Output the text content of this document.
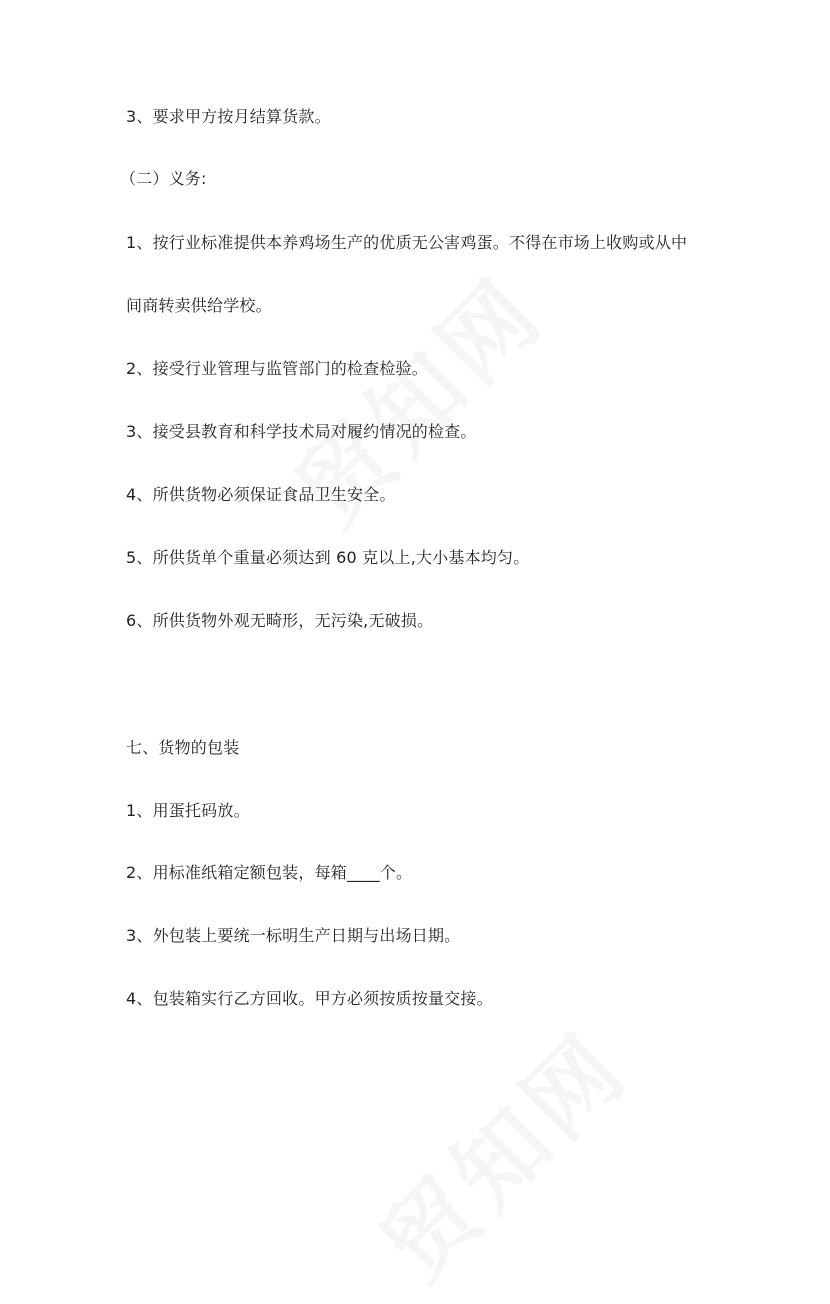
3、要求甲方按月结算货款。
（二）义务:
1、按行业标准提供本养鸡场生产的优质无公害鸡蛋。不得在市场上收购或从中
间商转卖供给学校。
2、接受行业管理与监管部门的检查检验。
3、接受县教育和科学技术局对履约情况的检查。
4、所供货物必须保证食品卫生安全。
5、所供货单个重量必须达到 60 克以上,大小基本均匀。
6、所供货物外观无畸形，无污染,无破损。
七、货物的包装
1、用蛋托码放。
2、用标准纸箱定额包装，每箱____个。
3、外包装上要统一标明生产日期与出场日期。
4、包装箱实行乙方回收。甲方必须按质按量交接。
